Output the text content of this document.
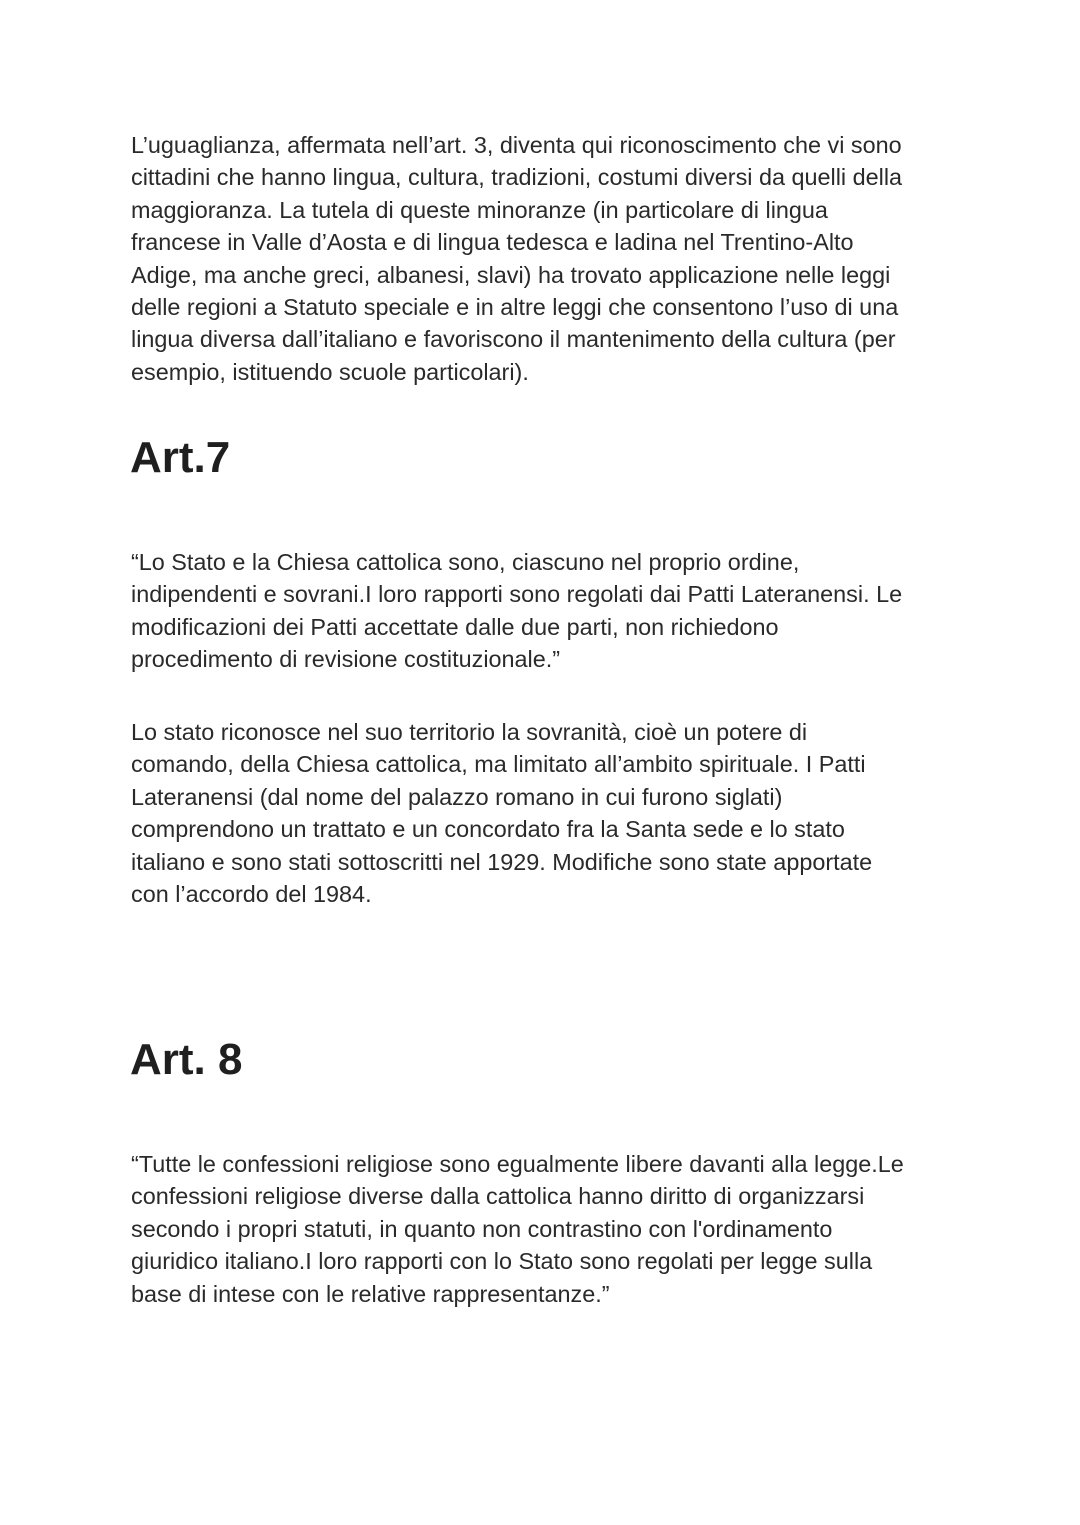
L’uguaglianza, affermata nell’art. 3, diventa qui riconoscimento che vi sono
cittadini che hanno lingua, cultura, tradizioni, costumi diversi da quelli della
maggioranza. La tutela di queste minoranze (in particolare di lingua
francese in Valle d’Aosta e di lingua tedesca e ladina nel Trentino-Alto
Adige, ma anche greci, albanesi, slavi) ha trovato applicazione nelle leggi
delle regioni a Statuto speciale e in altre leggi che consentono l’uso di una
lingua diversa dall’italiano e favoriscono il mantenimento della cultura (per
esempio, istituendo scuole particolari).

Art.7

“Lo Stato e la Chiesa cattolica sono, ciascuno nel proprio ordine,
indipendenti e sovrani.I loro rapporti sono regolati dai Patti Lateranensi. Le
modificazioni dei Patti accettate dalle due parti, non richiedono
procedimento di revisione costituzionale.”

Lo stato riconosce nel suo territorio la sovranità, cioè un potere di
comando, della Chiesa cattolica, ma limitato all’ambito spirituale. I Patti
Lateranensi (dal nome del palazzo romano in cui furono siglati)
comprendono un trattato e un concordato fra la Santa sede e lo stato
italiano e sono stati sottoscritti nel 1929. Modifiche sono state apportate
con l’accordo del 1984.

Art. 8

“Tutte le confessioni religiose sono egualmente libere davanti alla legge.Le
confessioni religiose diverse dalla cattolica hanno diritto di organizzarsi
secondo i propri statuti, in quanto non contrastino con l'ordinamento
giuridico italiano.I loro rapporti con lo Stato sono regolati per legge sulla
base di intese con le relative rappresentanze.”
